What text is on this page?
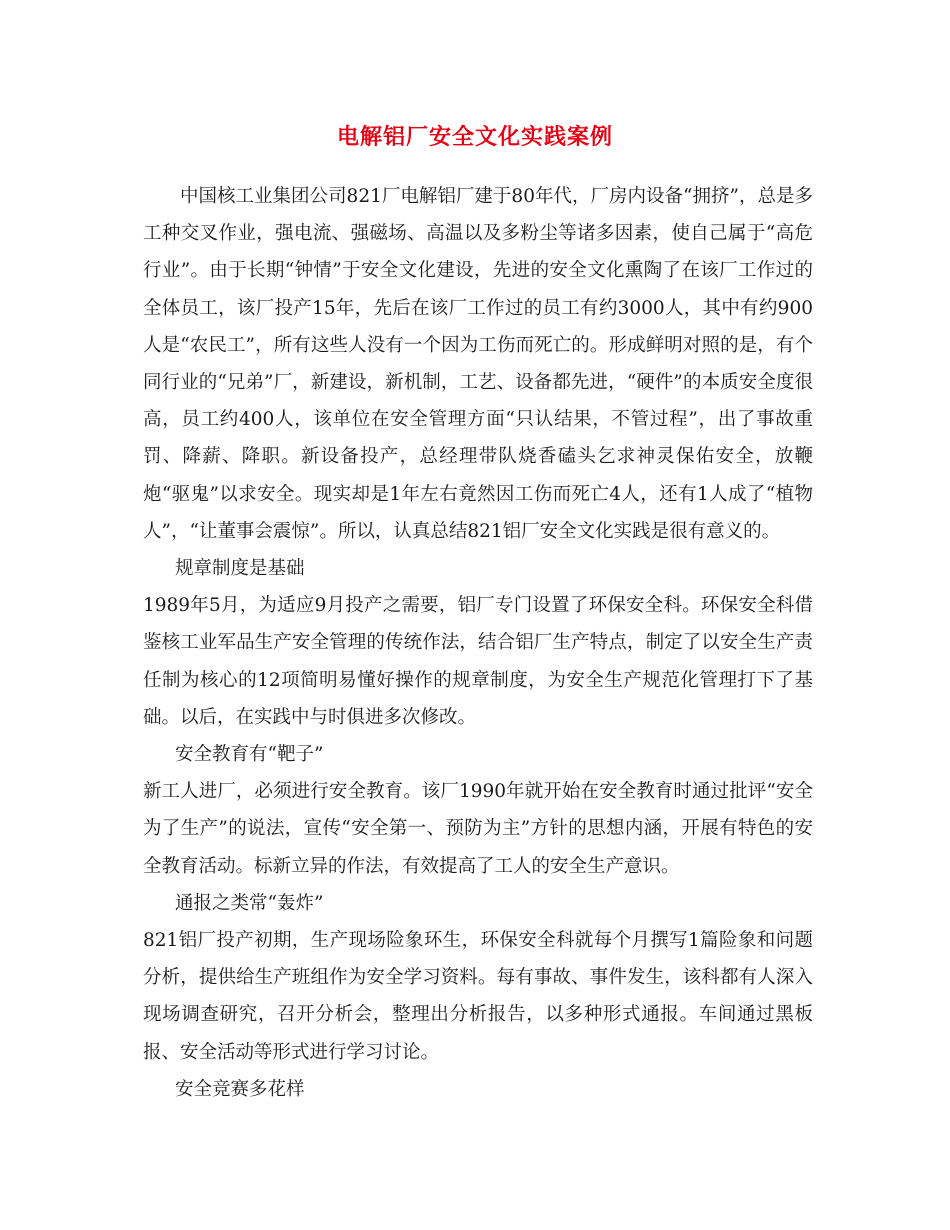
电解铝厂安全文化实践案例

中国核工业集团公司821厂电解铝厂建于80年代，厂房内设备“拥挤”，总是多工种交叉作业，强电流、强磁场、高温以及多粉尘等诸多因素，使自己属于“高危行业”。由于长期“钟情”于安全文化建设，先进的安全文化熏陶了在该厂工作过的全体员工，该厂投产15年，先后在该厂工作过的员工有约3000人，其中有约900人是“农民工”，所有这些人没有一个因为工伤而死亡的。形成鲜明对照的是，有个同行业的“兄弟”厂，新建设，新机制，工艺、设备都先进，“硬件”的本质安全度很高，员工约400人，该单位在安全管理方面“只认结果，不管过程”，出了事故重罚、降薪、降职。新设备投产，总经理带队烧香磕头乞求神灵保佑安全，放鞭炮“驱鬼”以求安全。现实却是1年左右竟然因工伤而死亡4人，还有1人成了“植物人”，“让董事会震惊”。所以，认真总结821铝厂安全文化实践是很有意义的。

规章制度是基础

1989年5月，为适应9月投产之需要，铝厂专门设置了环保安全科。环保安全科借鉴核工业军品生产安全管理的传统作法，结合铝厂生产特点，制定了以安全生产责任制为核心的12项简明易懂好操作的规章制度，为安全生产规范化管理打下了基础。以后，在实践中与时俱进多次修改。

安全教育有“靶子”

新工人进厂，必须进行安全教育。该厂1990年就开始在安全教育时通过批评“安全为了生产”的说法，宣传“安全第一、预防为主”方针的思想内涵，开展有特色的安全教育活动。标新立异的作法，有效提高了工人的安全生产意识。

通报之类常“轰炸”

821铝厂投产初期，生产现场险象环生，环保安全科就每个月撰写1篇险象和问题分析，提供给生产班组作为安全学习资料。每有事故、事件发生，该科都有人深入现场调查研究，召开分析会，整理出分析报告，以多种形式通报。车间通过黑板报、安全活动等形式进行学习讨论。

安全竞赛多花样
